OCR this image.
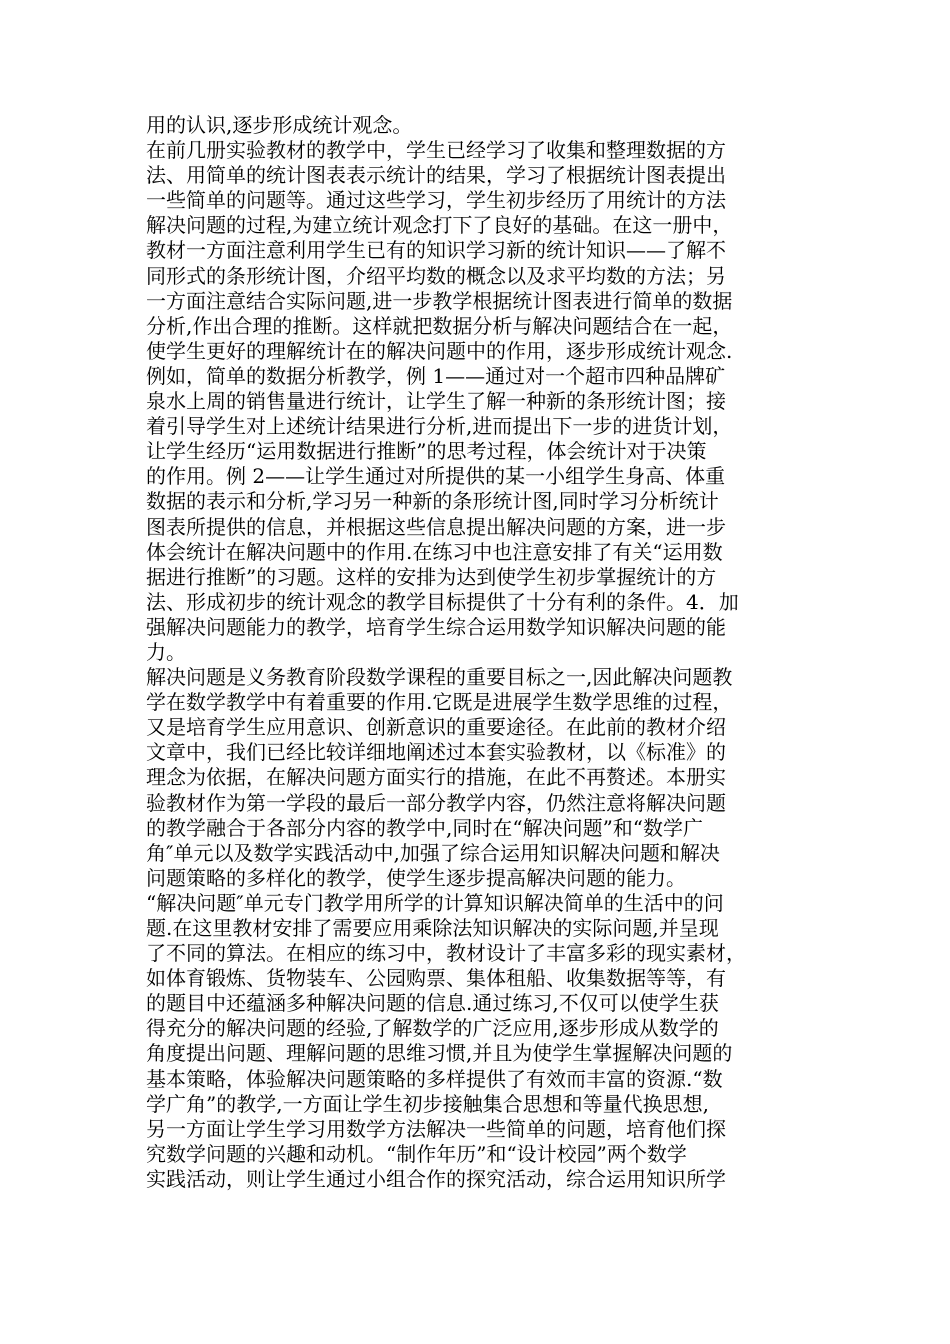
用的认识,逐步形成统计观念。
在前几册实验教材的教学中，学生已经学习了收集和整理数据的方
法、用简单的统计图表表示统计的结果，学习了根据统计图表提出
一些简单的问题等。通过这些学习，学生初步经历了用统计的方法
解决问题的过程,为建立统计观念打下了良好的基础。在这一册中，
教材一方面注意利用学生已有的知识学习新的统计知识——了解不
同形式的条形统计图，介绍平均数的概念以及求平均数的方法；另
一方面注意结合实际问题,进一步教学根据统计图表进行简单的数据
分析,作出合理的推断。这样就把数据分析与解决问题结合在一起，
使学生更好的理解统计在的解决问题中的作用，逐步形成统计观念.
例如，简单的数据分析教学，例 1——通过对一个超市四种品牌矿
泉水上周的销售量进行统计，让学生了解一种新的条形统计图；接
着引导学生对上述统计结果进行分析,进而提出下一步的进货计划，
让学生经历“运用数据进行推断”的思考过程，体会统计对于决策
的作用。例 2——让学生通过对所提供的某一小组学生身高、体重
数据的表示和分析,学习另一种新的条形统计图,同时学习分析统计
图表所提供的信息，并根据这些信息提出解决问题的方案，进一步
体会统计在解决问题中的作用.在练习中也注意安排了有关“运用数
据进行推断”的习题。这样的安排为达到使学生初步掌握统计的方
法、形成初步的统计观念的教学目标提供了十分有利的条件。4．加
强解决问题能力的教学，培育学生综合运用数学知识解决问题的能
力。
解决问题是义务教育阶段数学课程的重要目标之一,因此解决问题教
学在数学教学中有着重要的作用.它既是进展学生数学思维的过程，
又是培育学生应用意识、创新意识的重要途径。在此前的教材介绍
文章中，我们已经比较详细地阐述过本套实验教材，以《标准》的
理念为依据，在解决问题方面实行的措施，在此不再赘述。本册实
验教材作为第一学段的最后一部分教学内容，仍然注意将解决问题
的教学融合于各部分内容的教学中,同时在“解决问题”和“数学广
角″单元以及数学实践活动中,加强了综合运用知识解决问题和解决
问题策略的多样化的教学，使学生逐步提高解决问题的能力。
“解决问题″单元专门教学用所学的计算知识解决简单的生活中的问
题.在这里教材安排了需要应用乘除法知识解决的实际问题,并呈现
了不同的算法。在相应的练习中，教材设计了丰富多彩的现实素材，
如体育锻炼、货物装车、公园购票、集体租船、收集数据等等，有
的题目中还蕴涵多种解决问题的信息.通过练习,不仅可以使学生获
得充分的解决问题的经验,了解数学的广泛应用,逐步形成从数学的
角度提出问题、理解问题的思维习惯,并且为使学生掌握解决问题的
基本策略，体验解决问题策略的多样提供了有效而丰富的资源.“数
学广角”的教学,一方面让学生初步接触集合思想和等量代换思想,
另一方面让学生学习用数学方法解决一些简单的问题，培育他们探
究数学问题的兴趣和动机。“制作年历”和“设计校园”两个数学
实践活动，则让学生通过小组合作的探究活动，综合运用知识所学
